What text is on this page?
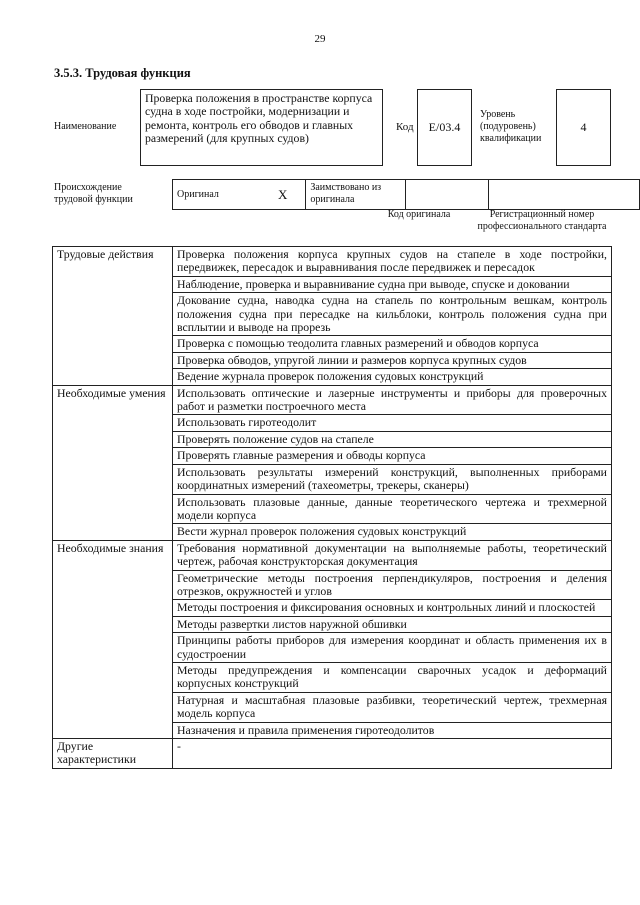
29
3.5.3. Трудовая функция
Наименование
Проверка положения в пространстве корпуса судна в ходе постройки, модернизации и ремонта, контроль его обводов и главных размерений (для крупных судов)
Код	E/03.4
Уровень
(подуровень)
квалификации
4
Происхождение
трудовой функции	Оригинал	X	Заимствовано из
оригинала

Код оригинала	Регистрационный номер
профессионального стандарта
Трудовые действия	Проверка положения корпуса крупных судов на стапеле в ходе постройки, передвижек, пересадок и выравнивания после передвижек и пересадок
	Наблюдение, проверка и выравнивание судна при выводе, спуске и доковании
	Докование судна, наводка судна на стапель по контрольным вешкам, контроль положения судна при пересадке на кильблоки, контроль положения судна при всплытии и выводе на прорезь
	Проверка с помощью теодолита главных размерений и обводов корпуса
	Проверка обводов, упругой линии и размеров корпуса крупных судов
	Ведение журнала проверок положения судовых конструкций
Необходимые умения	Использовать оптические и лазерные инструменты и приборы для проверочных работ и разметки построечного места
	Использовать гиротеодолит
	Проверять положение судов на стапеле
	Проверять главные размерения и обводы корпуса
	Использовать результаты измерений конструкций, выполненных приборами координатных измерений (тахеометры, трекеры, сканеры)
	Использовать плазовые данные, данные теоретического чертежа и трехмерной модели корпуса
	Вести журнал проверок положения судовых конструкций
Необходимые знания	Требования нормативной документации на выполняемые работы, теоретический чертеж, рабочая конструкторская документация
	Геометрические методы построения перпендикуляров, построения и деления отрезков, окружностей и углов
	Методы построения и фиксирования основных и контрольных линий и плоскостей
	Методы развертки листов наружной обшивки
	Принципы работы приборов для измерения координат и область применения их в судостроении
	Методы предупреждения и компенсации сварочных усадок и деформаций корпусных конструкций
	Натурная и масштабная плазовые разбивки, теоретический чертеж, трехмерная модель корпуса
	Назначения и правила применения гиротеодолитов
Другие характеристики	-
